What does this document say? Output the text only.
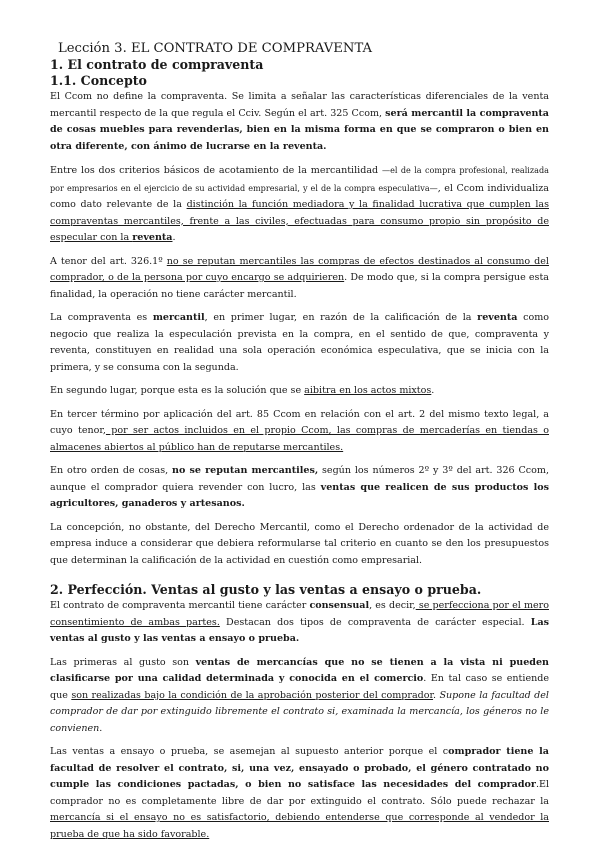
Lección 3. EL CONTRATO DE COMPRAVENTA
1. El contrato de compraventa
1.1. Concepto

El Ccom no define la compraventa. Se limita a señalar las características diferenciales de la venta mercantil respecto de la que regula el Cciv. Según el art. 325 Ccom, será mercantil la compraventa de cosas muebles para revenderlas, bien en la misma forma en que se compraron o bien en otra diferente, con ánimo de lucrarse en la reventa.

Entre los dos criterios básicos de acotamiento de la mercantilidad —el de la compra profesional, realizada por empresarios en el ejercicio de su actividad empresarial, y el de la compra especulativa—, el Ccom individualiza como dato relevante de la distinción la función mediadora y la finalidad lucrativa que cumplen las compraventas mercantiles, frente a las civiles, efectuadas para consumo propio sin propósito de especular con la reventa.

A tenor del art. 326.1º no se reputan mercantiles las compras de efectos destinados al consumo del comprador, o de la persona por cuyo encargo se adquirieren. De modo que, si la compra persigue esta finalidad, la operación no tiene carácter mercantil.

La compraventa es mercantil, en primer lugar, en razón de la calificación de la reventa como negocio que realiza la especulación prevista en la compra, en el sentido de que, compraventa y reventa, constituyen en realidad una sola operación económica especulativa, que se inicia con la primera, y se consuma con la segunda.

En segundo lugar, porque esta es la solución que se aibitra en los actos mixtos.

En tercer término por aplicación del art. 85 Ccom en relación con el art. 2 del mismo texto legal, a cuyo tenor, por ser actos incluidos en el propio Ccom, las compras de mercaderías en tiendas o almacenes abiertos al público han de reputarse mercantiles.

En otro orden de cosas, no se reputan mercantiles, según los números 2º y 3º del art. 326 Ccom, aunque el comprador quiera revender con lucro, las ventas que realicen de sus productos los agricultores, ganaderos y artesanos.

La concepción, no obstante, del Derecho Mercantil, como el Derecho ordenador de la actividad de empresa induce a considerar que debiera reformularse tal criterio en cuanto se den los presupuestos que determinan la calificación de la actividad en cuestión como empresarial.

2. Perfección. Ventas al gusto y las ventas a ensayo o prueba.

El contrato de compraventa mercantil tiene carácter consensual, es decir, se perfecciona por el mero consentimiento de ambas partes. Destacan dos tipos de compraventa de carácter especial. Las ventas al gusto y las ventas a ensayo o prueba.

Las primeras al gusto son ventas de mercancías que no se tienen a la vista ni pueden clasificarse por una calidad determinada y conocida en el comercio. En tal caso se entiende que son realizadas bajo la condición de la aprobación posterior del comprador. Supone la facultad del comprador de dar por extinguido libremente el contrato si, examinada la mercancía, los géneros no le convienen.

Las ventas a ensayo o prueba, se asemejan al supuesto anterior porque el comprador tiene la facultad de resolver el contrato, si, una vez, ensayado o probado, el género contratado no cumple las condiciones pactadas, o bien no satisface las necesidades del comprador.El comprador no es completamente libre de dar por extinguido el contrato. Sólo puede rechazar la mercancía si el ensayo no es satisfactorio, debiendo entenderse que corresponde al vendedor la prueba de que ha sido favorable.
